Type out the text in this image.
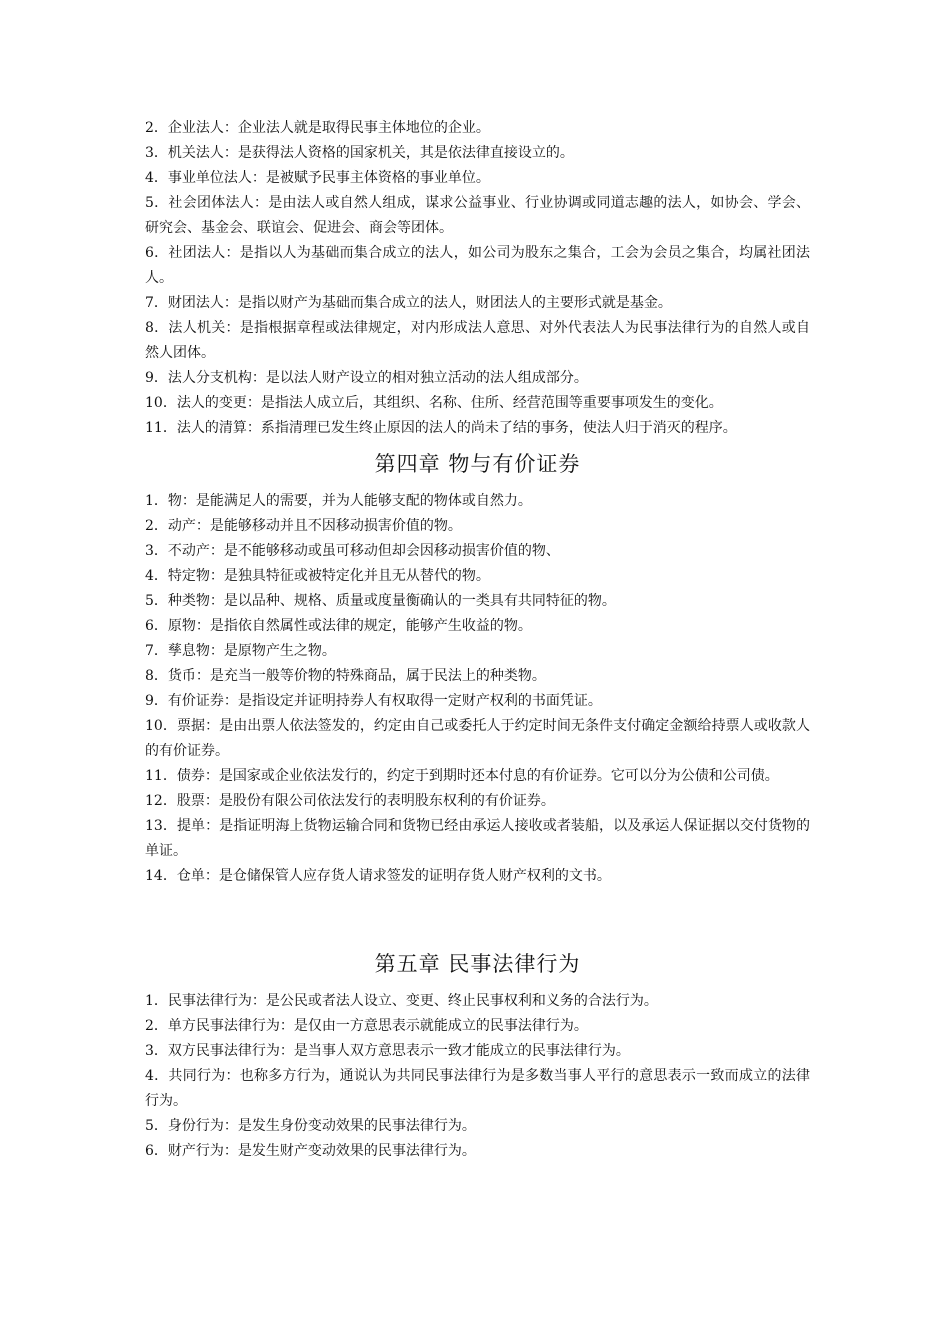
2．企业法人：企业法人就是取得民事主体地位的企业。

3．机关法人：是获得法人资格的国家机关，其是依法律直接设立的。

4．事业单位法人：是被赋予民事主体资格的事业单位。

5．社会团体法人：是由法人或自然人组成，谋求公益事业、行业协调或同道志趣的法人，如协会、学会、研究会、基金会、联谊会、促进会、商会等团体。

6．社团法人：是指以人为基础而集合成立的法人，如公司为股东之集合，工会为会员之集合，均属社团法人。

7．财团法人：是指以财产为基础而集合成立的法人，财团法人的主要形式就是基金。

8．法人机关：是指根据章程或法律规定，对内形成法人意思、对外代表法人为民事法律行为的自然人或自然人团体。

9．法人分支机构：是以法人财产设立的相对独立活动的法人组成部分。

10．法人的变更：是指法人成立后，其组织、名称、住所、经营范围等重要事项发生的变化。

11．法人的清算：系指清理已发生终止原因的法人的尚未了结的事务，使法人归于消灭的程序。

第四章 物与有价证券

1．物：是能满足人的需要，并为人能够支配的物体或自然力。

2．动产：是能够移动并且不因移动损害价值的物。

3．不动产：是不能够移动或虽可移动但却会因移动损害价值的物、

4．特定物：是独具特征或被特定化并且无从替代的物。

5．种类物：是以品种、规格、质量或度量衡确认的一类具有共同特征的物。

6．原物：是指依自然属性或法律的规定，能够产生收益的物。

7．孳息物：是原物产生之物。

8．货币：是充当一般等价物的特殊商品，属于民法上的种类物。

9．有价证券：是指设定并证明持券人有权取得一定财产权利的书面凭证。

10．票据：是由出票人依法签发的，约定由自己或委托人于约定时间无条件支付确定金额给持票人或收款人的有价证券。

11．债券：是国家或企业依法发行的，约定于到期时还本付息的有价证券。它可以分为公债和公司债。

12．股票：是股份有限公司依法发行的表明股东权利的有价证券。

13．提单：是指证明海上货物运输合同和货物已经由承运人接收或者装船，以及承运人保证据以交付货物的单证。

14．仓单：是仓储保管人应存货人请求签发的证明存货人财产权利的文书。

第五章 民事法律行为

1．民事法律行为：是公民或者法人设立、变更、终止民事权利和义务的合法行为。

2．单方民事法律行为：是仅由一方意思表示就能成立的民事法律行为。

3．双方民事法律行为：是当事人双方意思表示一致才能成立的民事法律行为。

4．共同行为：也称多方行为，通说认为共同民事法律行为是多数当事人平行的意思表示一致而成立的法律行为。

5．身份行为：是发生身份变动效果的民事法律行为。

6．财产行为：是发生财产变动效果的民事法律行为。
